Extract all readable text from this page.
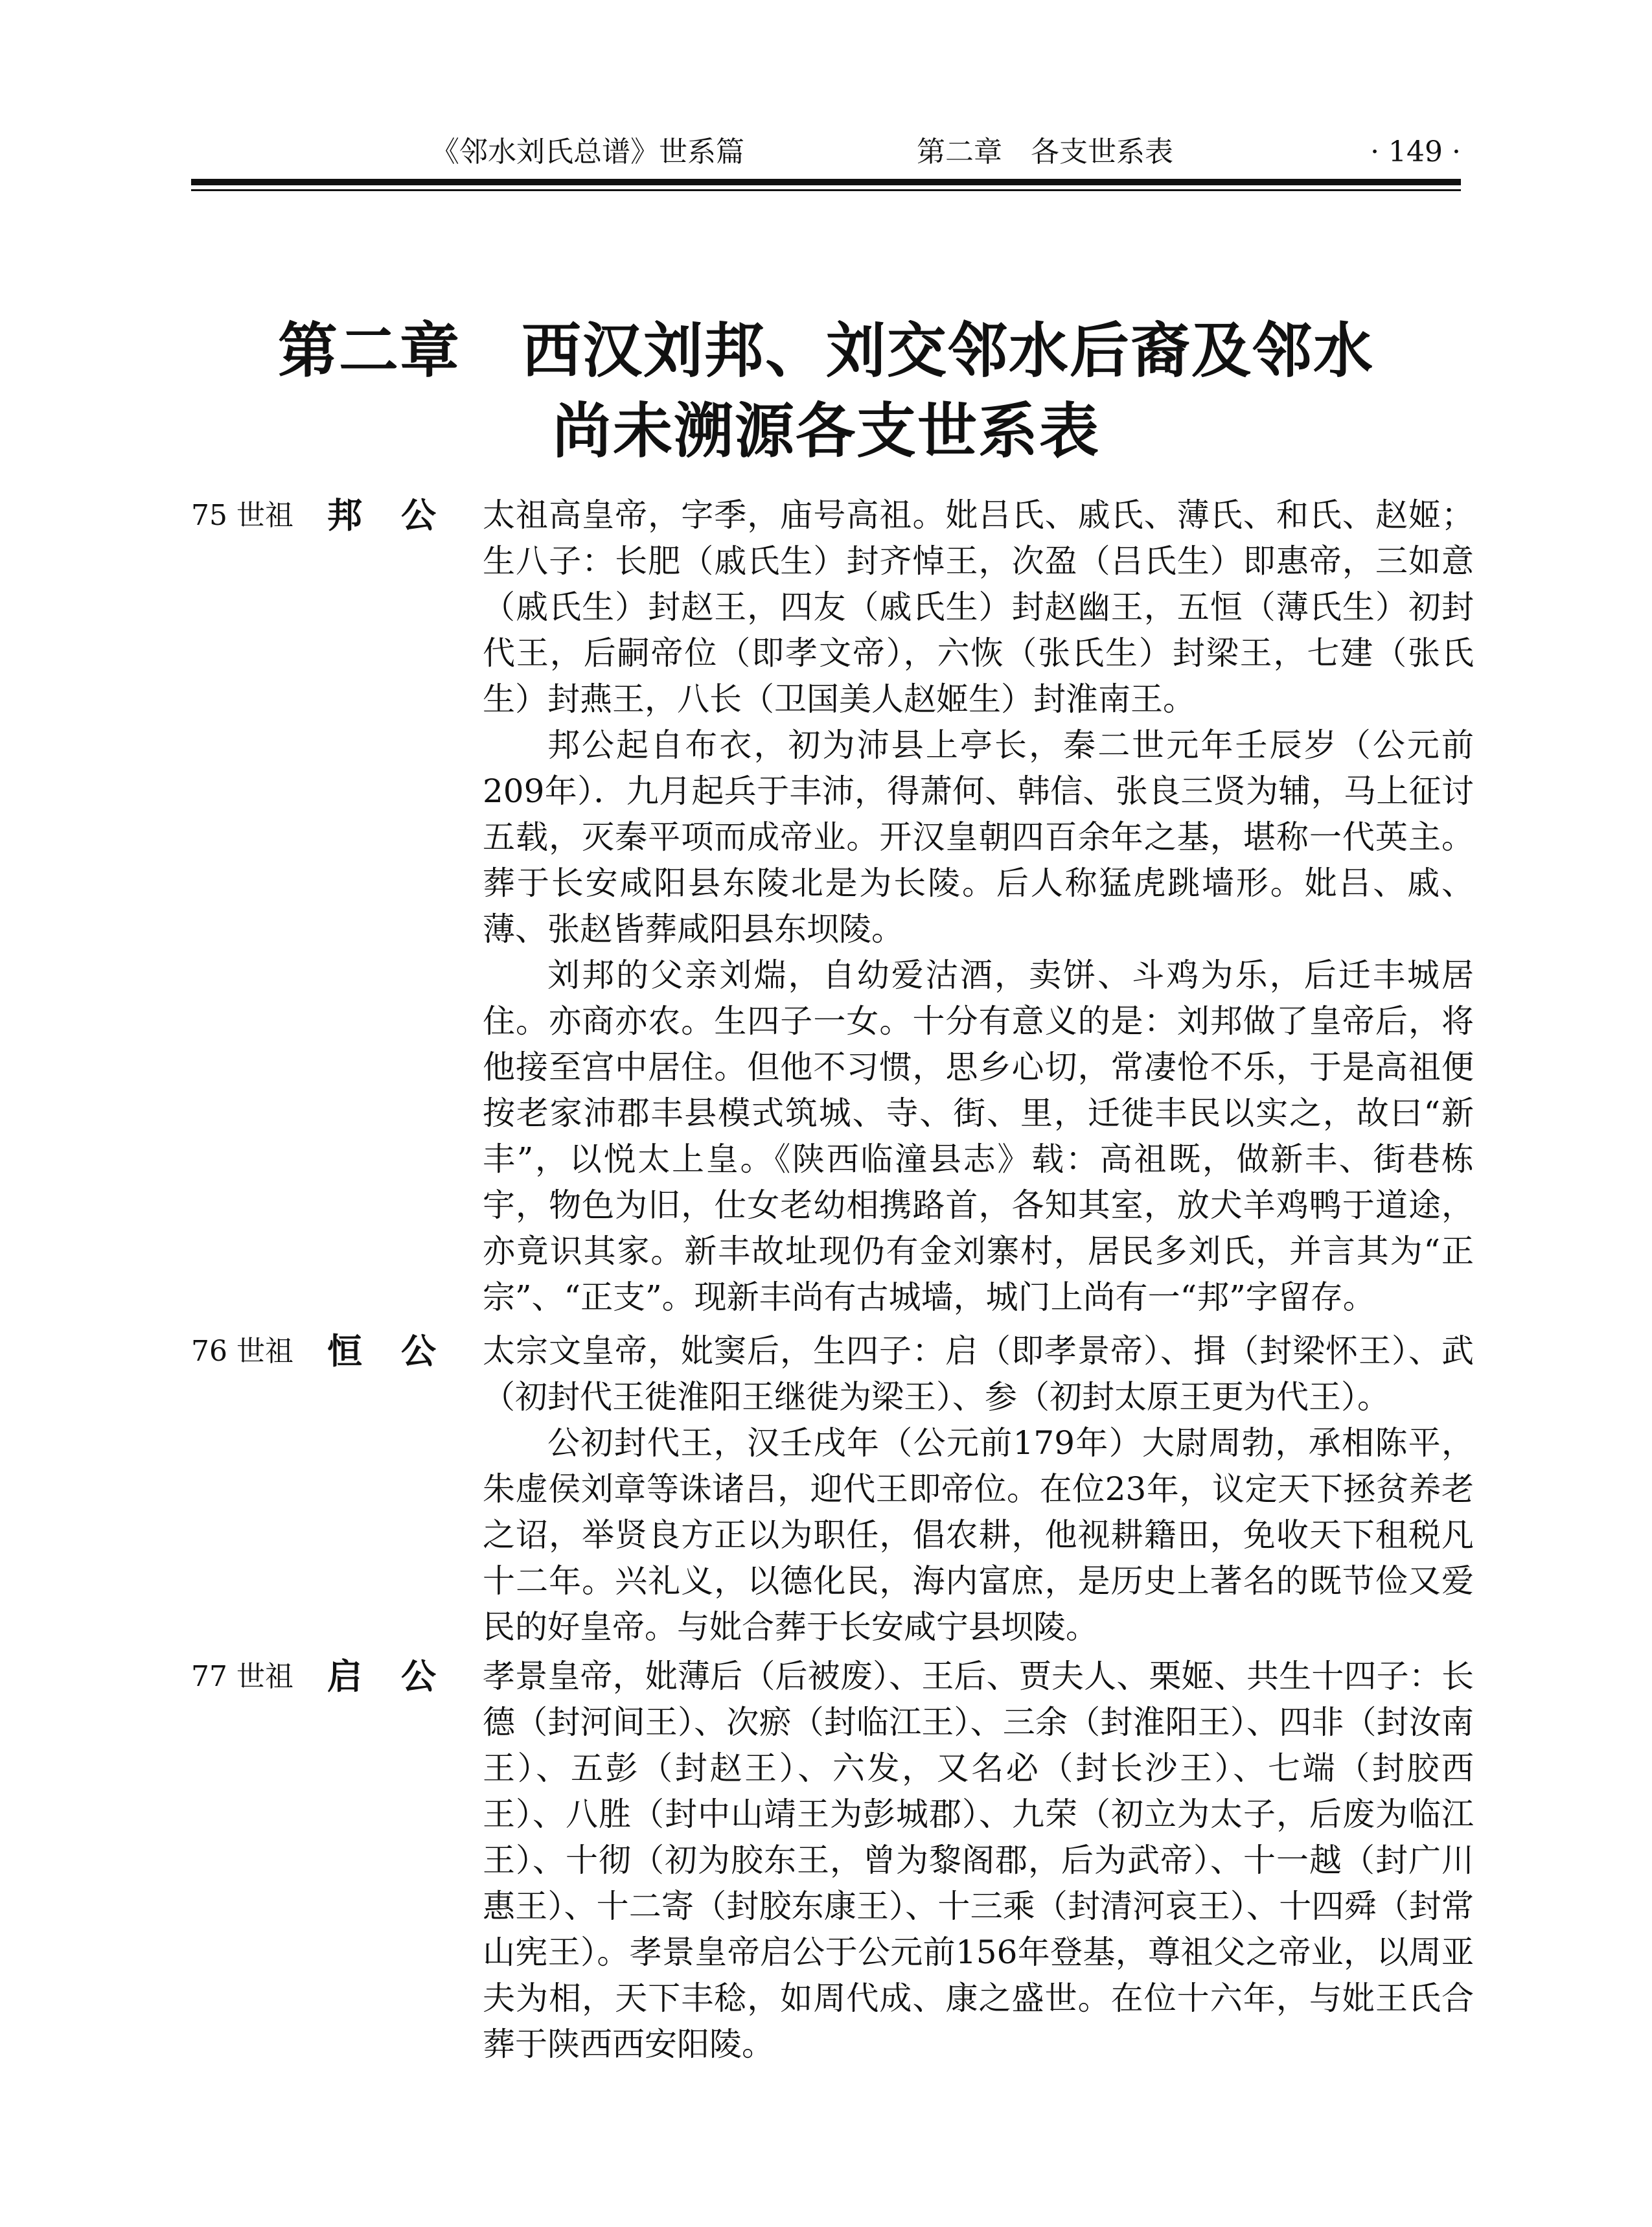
《邻水刘氏总谱》世系篇	第二章　各支世系表	· 149 ·
第二章　西汉刘邦、刘交邻水后裔及邻水
尚未溯源各支世系表
75 世祖 邦公 太祖高皇帝，字季，庙号高祖。妣吕氏、戚氏、薄氏、和氏、赵姬；生八子：长肥（戚氏生）封齐悼王，次盈（吕氏生）即惠帝，三如意（戚氏生）封赵王，四友（戚氏生）封赵幽王，五恒（薄氏生）初封代王，后嗣帝位（即孝文帝），六恢（张氏生）封梁王，七建（张氏生）封燕王，八长（卫国美人赵姬生）封淮南王。

邦公起自布衣，初为沛县上亭长，秦二世元年壬辰岁（公元前209年）．九月起兵于丰沛，得萧何、韩信、张良三贤为辅，马上征讨五载，灭秦平项而成帝业。开汉皇朝四百余年之基，堪称一代英主。葬于长安咸阳县东陵北是为长陵。后人称猛虎跳墙形。妣吕、戚、薄、张赵皆葬咸阳县东坝陵。

刘邦的父亲刘煓，自幼爱沽酒，卖饼、斗鸡为乐，后迁丰城居住。亦商亦农。生四子一女。十分有意义的是：刘邦做了皇帝后，将他接至宫中居住。但他不习惯，思乡心切，常凄怆不乐，于是高祖便按老家沛郡丰县模式筑城、寺、街、里，迁徙丰民以实之，故曰“新丰”，以悦太上皇。《陕西临潼县志》载：高祖既，做新丰、街巷栋宇，物色为旧，仕女老幼相携路首，各知其室，放犬羊鸡鸭于道途，亦竟识其家。新丰故址现仍有金刘寨村，居民多刘氏，并言其为“正宗”、“正支”。现新丰尚有古城墙，城门上尚有一“邦”字留存。

76 世祖 恒公 太宗文皇帝，妣窦后，生四子：启（即孝景帝）、揖（封梁怀王）、武（初封代王徙淮阳王继徙为梁王）、参（初封太原王更为代王）。

公初封代王，汉壬戌年（公元前179年）大尉周勃，承相陈平，朱虚侯刘章等诛诸吕，迎代王即帝位。在位23年，议定天下拯贫养老之诏，举贤良方正以为职任，倡农耕，他视耕籍田，免收天下租税凡十二年。兴礼义，以德化民，海内富庶，是历史上著名的既节俭又爱民的好皇帝。与妣合葬于长安咸宁县坝陵。

77 世祖 启公 孝景皇帝，妣薄后（后被废）、王后、贾夫人、栗姬、共生十四子：长德（封河间王）、次瘀（封临江王）、三余（封淮阳王）、四非（封汝南王）、五彭（封赵王）、六发，又名必（封长沙王）、七端（封胶西王）、八胜（封中山靖王为彭城郡）、九荣（初立为太子，后废为临江王）、十彻（初为胶东王，曾为黎阁郡，后为武帝）、十一越（封广川惠王）、十二寄（封胶东康王）、十三乘（封清河哀王）、十四舜（封常山宪王）。孝景皇帝启公于公元前156年登基，尊祖父之帝业，以周亚夫为相，天下丰稔，如周代成、康之盛世。在位十六年，与妣王氏合葬于陕西西安阳陵。
